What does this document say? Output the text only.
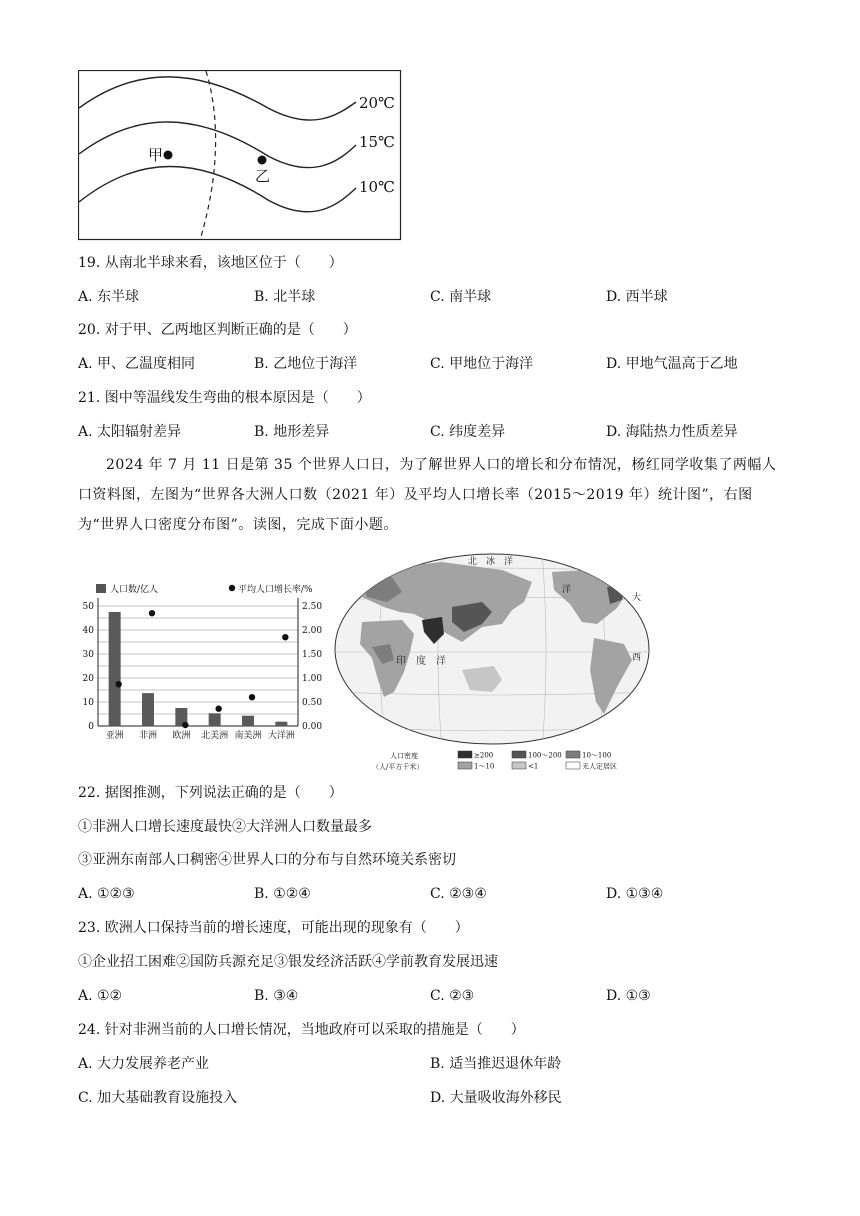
20℃
15℃
10℃
甲
乙
19. 从南北半球来看，该地区位于（　　）
A. 东半球	B. 北半球	C. 南半球	D. 西半球
20. 对于甲、乙两地区判断正确的是（　　）
A. 甲、乙温度相同	B. 乙地位于海洋	C. 甲地位于海洋	D. 甲地气温高于乙地
21. 图中等温线发生弯曲的根本原因是（　　）
A. 太阳辐射差异	B. 地形差异	C. 纬度差异	D. 海陆热力性质差异
2024 年 7 月 11 日是第 35 个世界人口日，为了解世界人口的增长和分布情况，杨红同学收集了两幅人口资料图，左图为“世界各大洲人口数（2021 年）及平均人口增长率（2015～2019 年）统计图”，右图为“世界人口密度分布图”。读图，完成下面小题。
0
10
20
30
40
50
0.00
0.50
1.00
1.50
2.00
2.50
亚洲 非洲 欧洲 北美洲 南美洲 大洋洲
人口数/亿人	平均人口增长率/%
北　冰　洋
洋
大
西
印　度　洋
人口密度
（人/平方千米）
≥200	100～200	10～100
1～10	<1	无人定居区
22. 据图推测，下列说法正确的是（　　）
①非洲人口增长速度最快②大洋洲人口数量最多
③亚洲东南部人口稠密④世界人口的分布与自然环境关系密切
A. ①②③	B. ①②④	C. ②③④	D. ①③④
23. 欧洲人口保持当前的增长速度，可能出现的现象有（　　）
①企业招工困难②国防兵源充足③银发经济活跃④学前教育发展迅速
A. ①②	B. ③④	C. ②③	D. ①③
24. 针对非洲当前的人口增长情况，当地政府可以采取的措施是（　　）
A. 大力发展养老产业	B. 适当推迟退休年龄
C. 加大基础教育设施投入	D. 大量吸收海外移民
